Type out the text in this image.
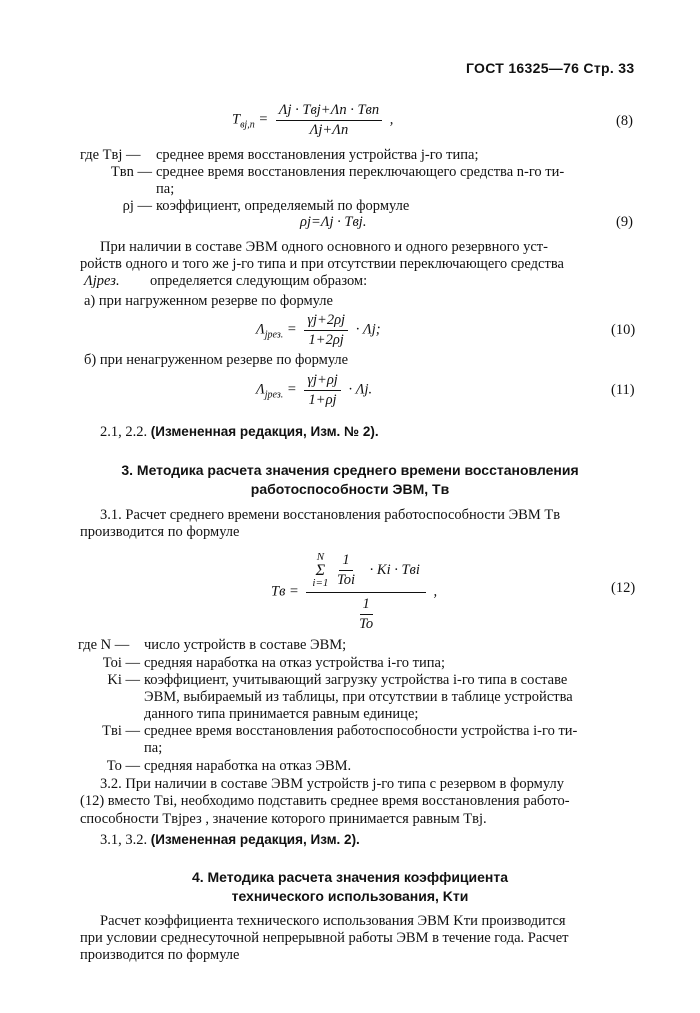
ГОСТ 16325—76 Стр. 33
$T_{вj,n} = \frac{\text{Λj · Tвj+Λn · Tвn}}{\Lambda j+\Lambda n}$ ,	(8)
где Tвj — среднее время восстановления устройства j-го типа;
Tвn — среднее время восстановления переключающего средства n-го ти-
па;
ρj — коэффициент, определяемый по формуле
ρj=Λj · Tвj.	(9)
При наличии в составе ЭВМ одного основного и одного резервного уст-
ройств одного и того же j-го типа и при отсутствии переключающего средства
Λjрез. определяется следующим образом:
а) при нагруженном резерве по формуле
$\Lambda_{jрез.} = \frac{\gamma j+2\rho j}{1+2\rho j} \cdot \Lambda j$;	(10)
б) при ненагруженном резерве по формуле
$\Lambda_{jрез.} = \frac{\gamma j+\rho j}{1+\rho j} \cdot \Lambda j$.	(11)
2.1, 2.2. (Измененная редакция, Изм. № 2).
3. Методика расчета значения среднего времени восстановления
работоспособности ЭВМ, Tв
3.1. Расчет среднего времени восстановления работоспособности ЭВМ Tв
производится по формуле
Tв =
N
Σ
i=1
$\frac{1}{\text{Toi}} \cdot Ki$ · Tвi
$\frac{1}{To}$
,	(12)
где N — число устройств в составе ЭВМ;
Toi — средняя наработка на отказ устройства i-го типа;
Ki — коэффициент, учитывающий загрузку устройства i-го типа в составе
ЭВМ, выбираемый из таблицы, при отсутствии в таблице устройства
данного типа принимается равным единице;
Tвi — среднее время восстановления работоспособности устройства i-го ти-
па;
To — средняя наработка на отказ ЭВМ.
3.2. При наличии в составе ЭВМ устройств j-го типа с резервом в формулу
(12) вместо Tвi, необходимо подставить среднее время восстановления работо-
способности Tвjрез , значение которого принимается равным Tвj.
3.1, 3.2. (Измененная редакция, Изм. 2).
4. Методика расчета значения коэффициента
технического использования, Kти
Расчет коэффициента технического использования ЭВМ Kти производится
при условии среднесуточной непрерывной работы ЭВМ в течение года. Расчет
производится по формуле
